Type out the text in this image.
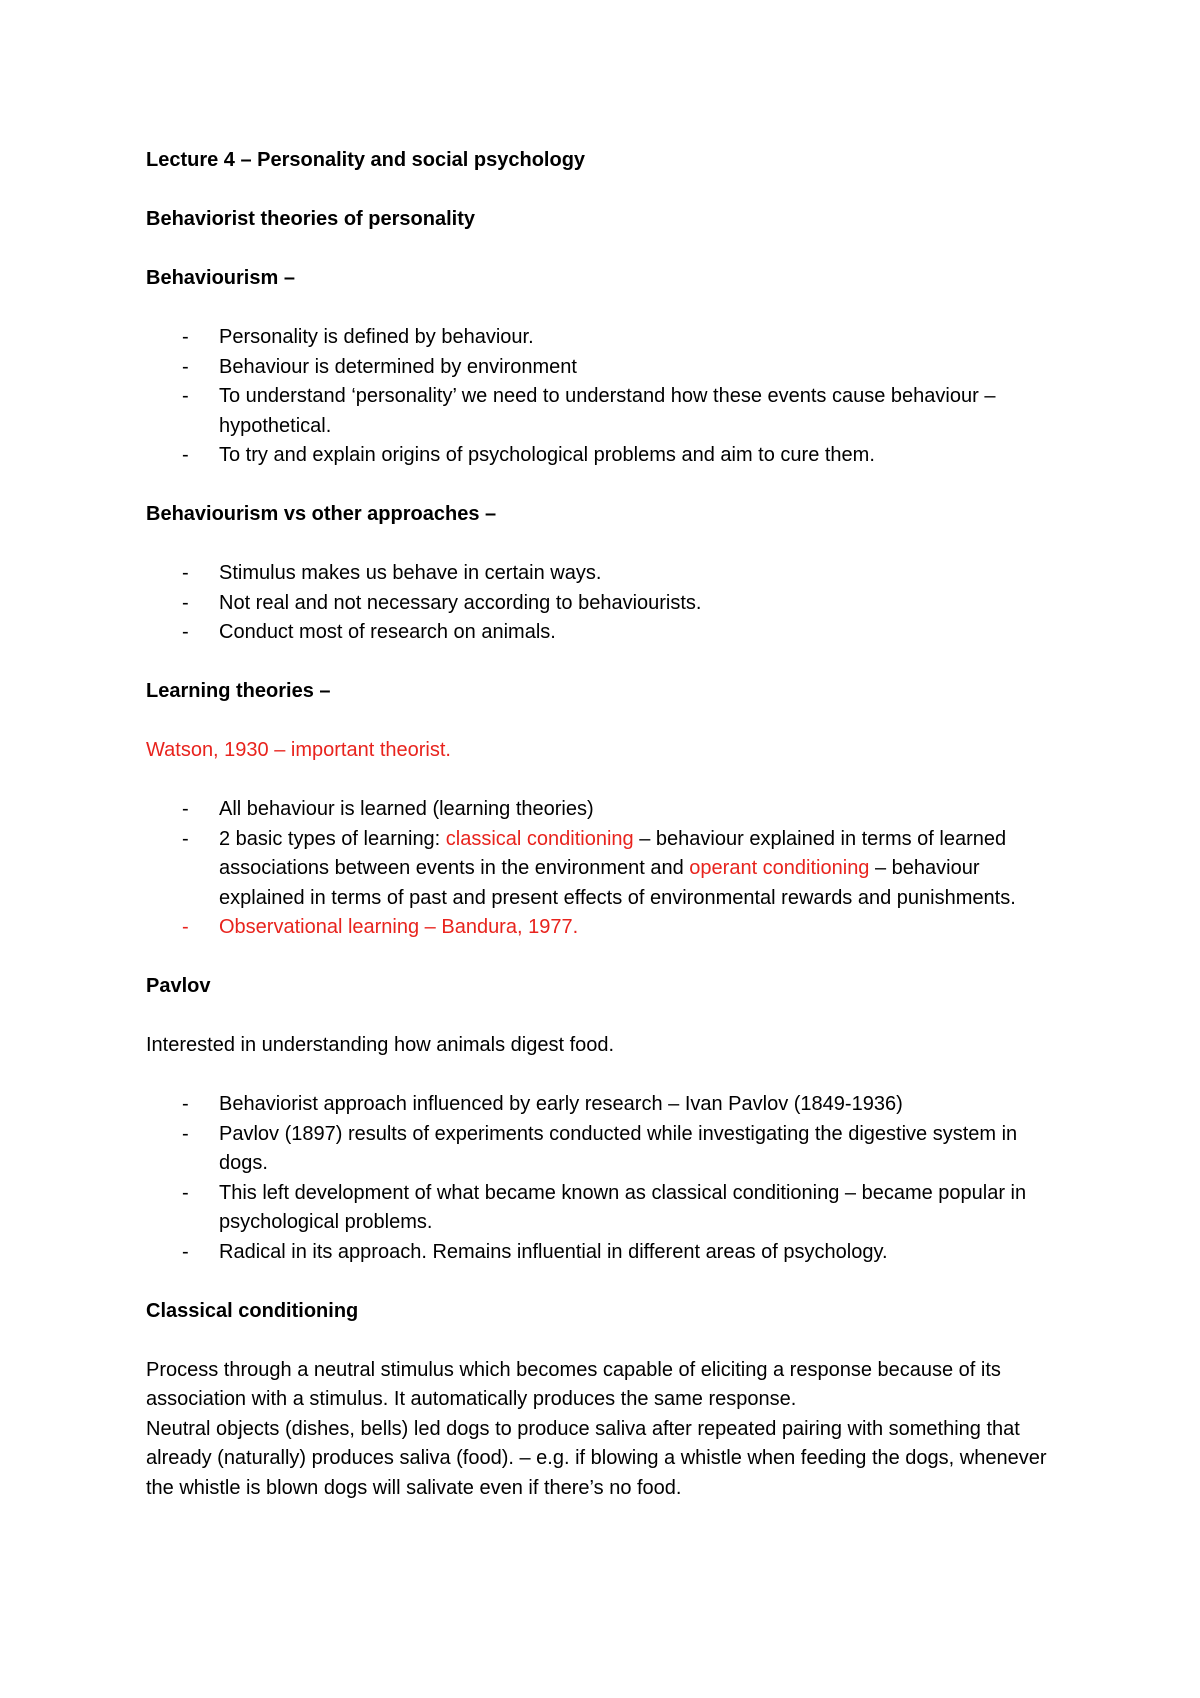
Lecture 4 – Personality and social psychology
Behaviorist theories of personality
Behaviourism –
- Personality is defined by behaviour.
- Behaviour is determined by environment
- To understand ‘personality’ we need to understand how these events cause behaviour – hypothetical.
- To try and explain origins of psychological problems and aim to cure them.
Behaviourism vs other approaches –
- Stimulus makes us behave in certain ways.
- Not real and not necessary according to behaviourists.
- Conduct most of research on animals.
Learning theories –
Watson, 1930 – important theorist.
- All behaviour is learned (learning theories)
- 2 basic types of learning: classical conditioning – behaviour explained in terms of learned associations between events in the environment and operant conditioning – behaviour explained in terms of past and present effects of environmental rewards and punishments.
- Observational learning – Bandura, 1977.
Pavlov
Interested in understanding how animals digest food.
- Behaviorist approach influenced by early research – Ivan Pavlov (1849-1936)
- Pavlov (1897) results of experiments conducted while investigating the digestive system in dogs.
- This left development of what became known as classical conditioning – became popular in psychological problems.
- Radical in its approach. Remains influential in different areas of psychology.
Classical conditioning

Process through a neutral stimulus which becomes capable of eliciting a response because of its association with a stimulus. It automatically produces the same response.

Neutral objects (dishes, bells) led dogs to produce saliva after repeated pairing with something that already (naturally) produces saliva (food). – e.g. if blowing a whistle when feeding the dogs, whenever the whistle is blown dogs will salivate even if there’s no food.
